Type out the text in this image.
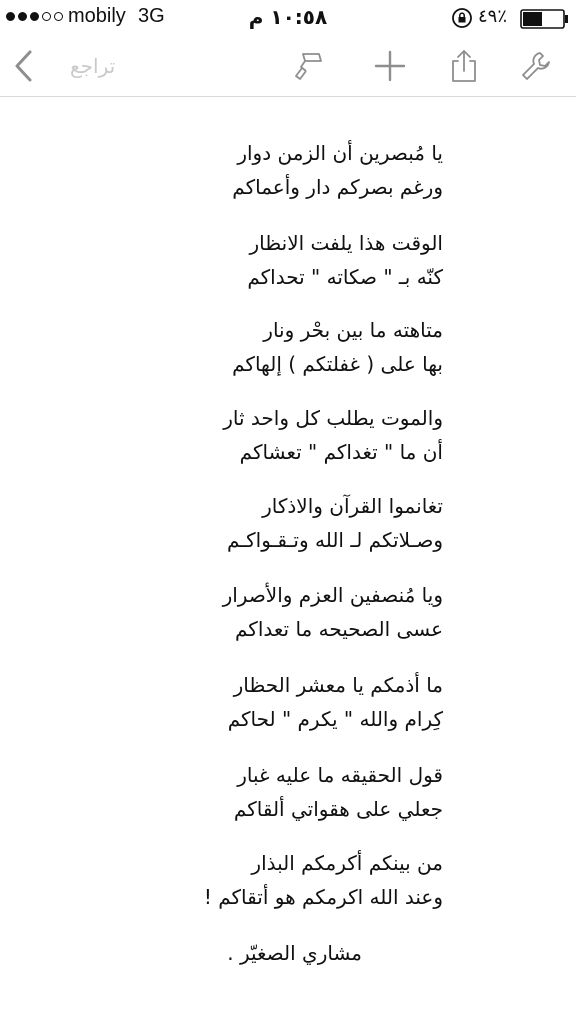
mobily 3G	١٠:٥٨ م	٪٤٩
تراجع
يا مُبصرين أن الزمن دوار
ورغم بصركم دار وأعماكم
الوقت هذا يلفت الانظار
كنّه بـ " صكاته " تحداكم
متاهته ما بين بحْر ونار
بها على ( غفلتكم ) إلهاكم
والموت يطلب كل واحد ثار
أن ما " تغداكم " تعشاكم
تغانموا القرآن والاذكار
وصـلاتكم لـ الله وتـقـواكـم
ويا مُنصفين العزم والأصرار
عسى الصحيحه ما تعداكم
ما أذمكم يا معشر الحظار
كِرام والله " يكرم " لحاكم
قول الحقيقه ما عليه غبار
جعلي على هقواتي ألقاكم
من بينكم أكرمكم البذار
وعند الله اكرمكم هو أتقاكم !
مشاري الصغيّر .
